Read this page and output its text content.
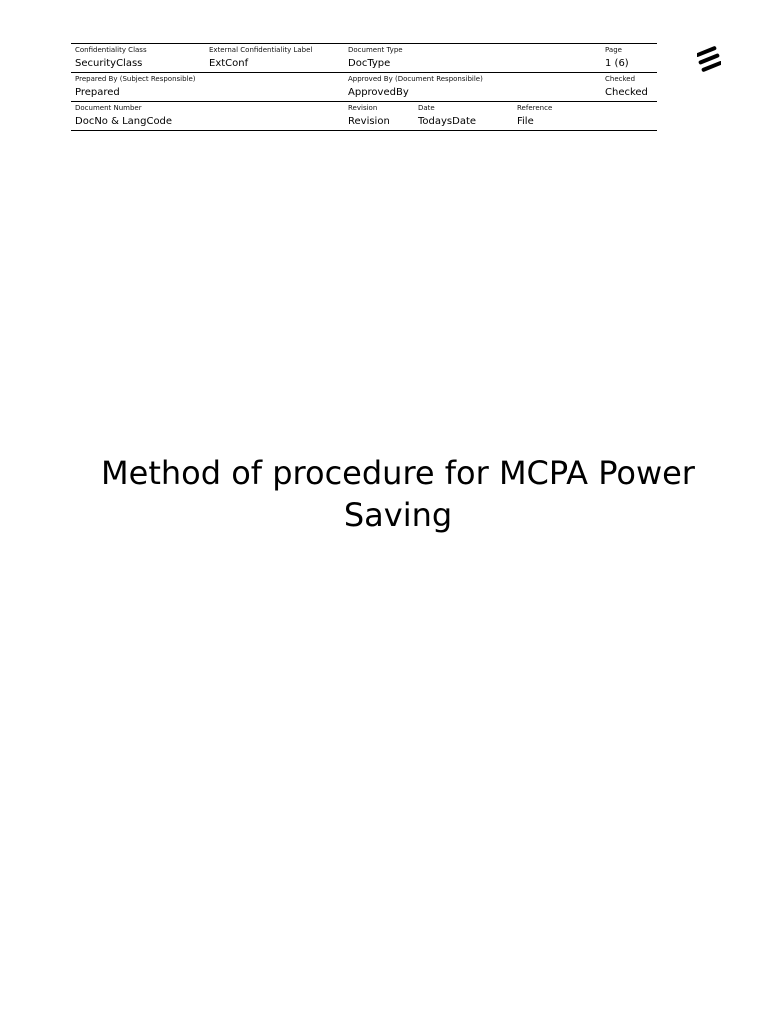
Confidentiality Class
SecurityClass
External Confidentiality Label
ExtConf
Document Type
DocType
Page
1 (6)
Prepared By (Subject Responsible)
Prepared
Approved By (Document Responsibile)
ApprovedBy
Checked
Checked
Document Number
DocNo & LangCode
Revision
Revision
Date
TodaysDate
Reference
File
Method of procedure for MCPA Power Saving
